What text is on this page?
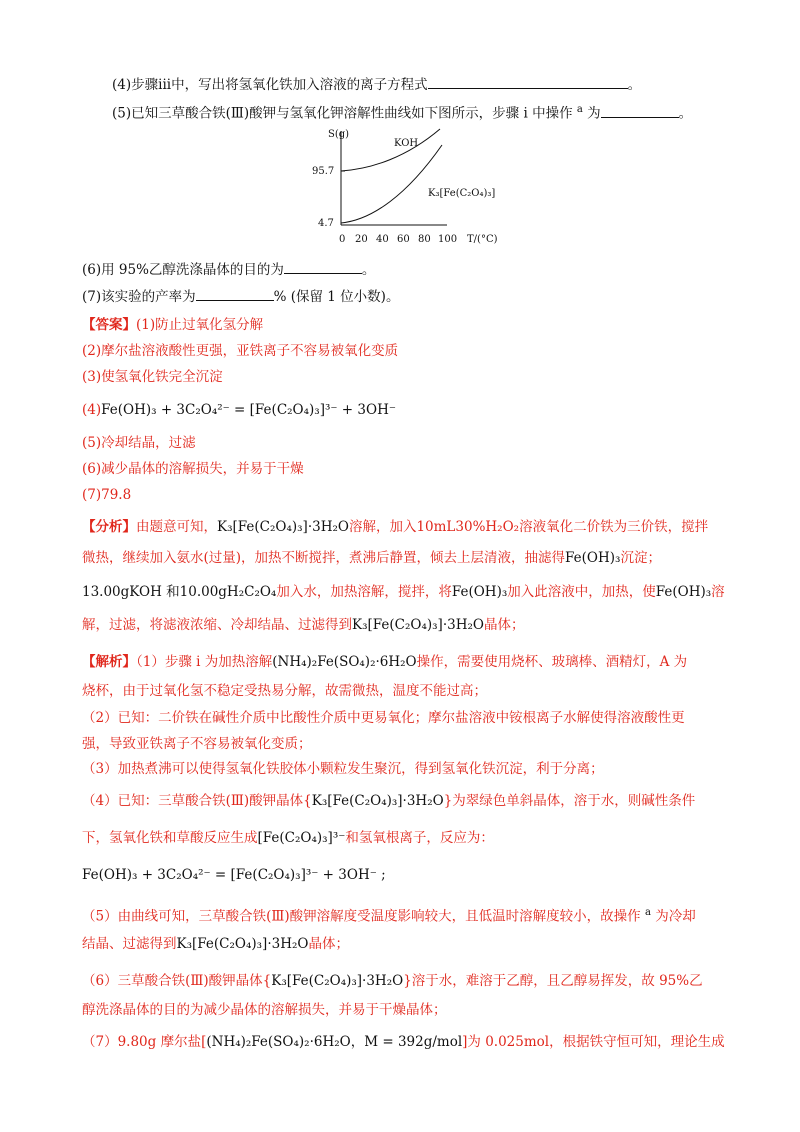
(4)步骤iii中，写出将氢氧化铁加入溶液的离子方程式	。
(5)已知三草酸合铁(Ⅲ)酸钾与氢氧化钾溶解性曲线如下图所示，步骤 i 中操作 $^a$ 为	。
S(g)
95.7
4.7
KOH
K₃[Fe(C₂O₄)₃]
0 20 40 60 80 100 T/(°C)
(6)用 95%乙醇洗涤晶体的目的为	。
(7)该实验的产率为	% (保留 1 位小数)。
【答案】(1)防止过氧化氢分解
(2)摩尔盐溶液酸性更强，亚铁离子不容易被氧化变质
(3)使氢氧化铁完全沉淀
(4)Fe(OH)₃ + 3C₂O₄²⁻ = [Fe(C₂O₄)₃]³⁻ + 3OH⁻
(5)冷却结晶，过滤
(6)减少晶体的溶解损失，并易于干燥
(7)79.8
【分析】由题意可知，K₃[Fe(C₂O₄)₃]·3H₂O溶解，加入10mL30%H₂O₂溶液氧化二价铁为三价铁，搅拌
微热，继续加入氨水(过量)，加热不断搅拌，煮沸后静置，倾去上层清液，抽滤得Fe(OH)₃沉淀；
13.00gKOH 和10.00gH₂C₂O₄加入水，加热溶解，搅拌，将Fe(OH)₃加入此溶液中，加热，使Fe(OH)₃溶
解，过滤，将滤液浓缩、冷却结晶、过滤得到K₃[Fe(C₂O₄)₃]·3H₂O晶体；
【解析】（1）步骤 i 为加热溶解(NH₄)₂Fe(SO₄)₂·6H₂O操作，需要使用烧杯、玻璃棒、酒精灯，A 为
烧杯，由于过氧化氢不稳定受热易分解，故需微热，温度不能过高；
（2）已知：二价铁在碱性介质中比酸性介质中更易氧化；摩尔盐溶液中铵根离子水解使得溶液酸性更
强，导致亚铁离子不容易被氧化变质；
（3）加热煮沸可以使得氢氧化铁胶体小颗粒发生聚沉，得到氢氧化铁沉淀，利于分离；
（4）已知：三草酸合铁(Ⅲ)酸钾晶体{K₃[Fe(C₂O₄)₃]·3H₂O}为翠绿色单斜晶体，溶于水，则碱性条件
下，氢氧化铁和草酸反应生成[Fe(C₂O₄)₃]³⁻和氢氧根离子，反应为：
Fe(OH)₃ + 3C₂O₄²⁻ = [Fe(C₂O₄)₃]³⁻ + 3OH⁻ ;
（5）由曲线可知，三草酸合铁(Ⅲ)酸钾溶解度受温度影响较大，且低温时溶解度较小，故操作 $^a$ 为冷却
结晶、过滤得到K₃[Fe(C₂O₄)₃]·3H₂O晶体；
（6）三草酸合铁(Ⅲ)酸钾晶体{K₃[Fe(C₂O₄)₃]·3H₂O}溶于水，难溶于乙醇，且乙醇易挥发，故 95%乙
醇洗涤晶体的目的为减少晶体的溶解损失，并易于干燥晶体；
（7）9.80g 摩尔盐[(NH₄)₂Fe(SO₄)₂·6H₂O，M = 392g/mol]为 0.025mol，根据铁守恒可知，理论生成
